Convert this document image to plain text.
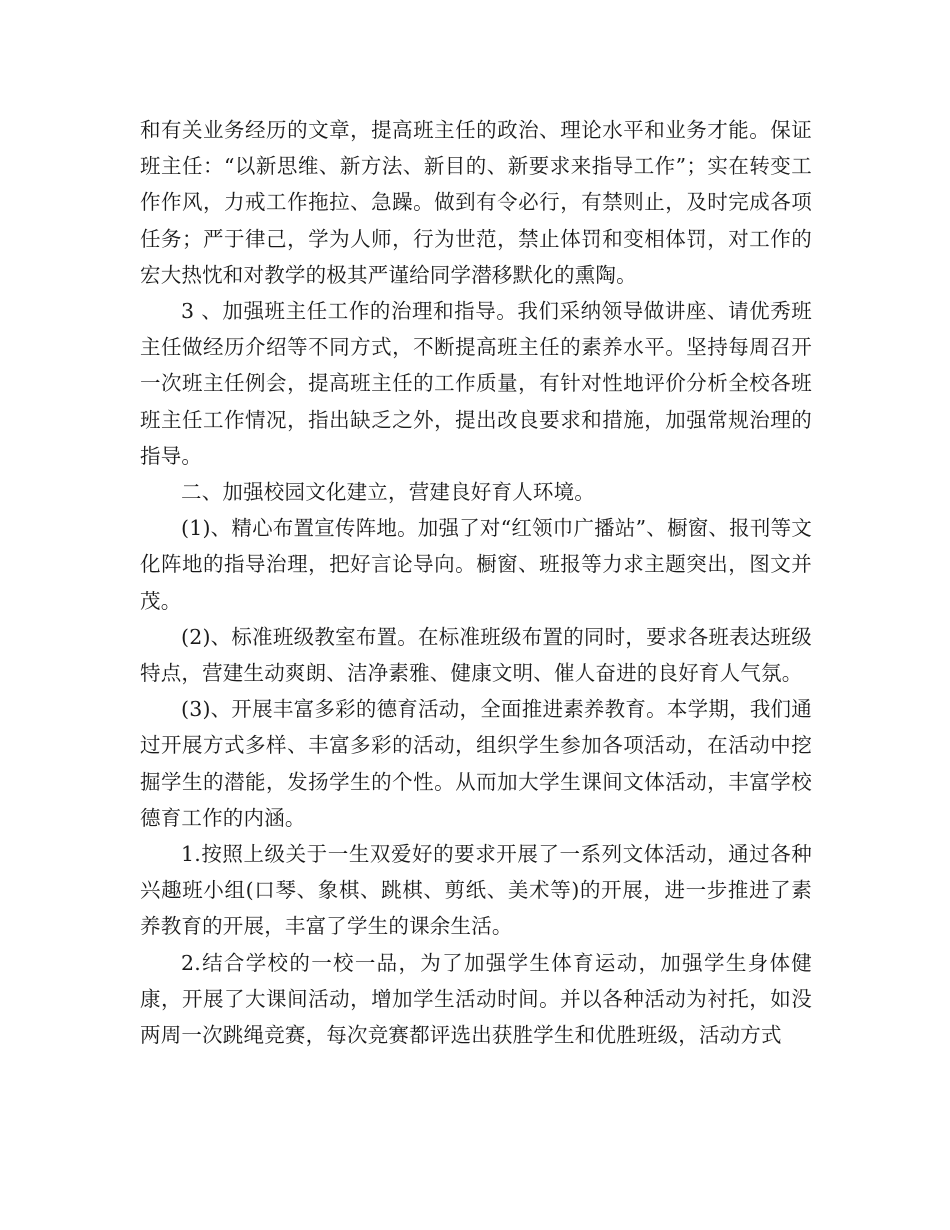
和有关业务经历的文章，提高班主任的政治、理论水平和业务才能。保证班主任：“以新思维、新方法、新目的、新要求来指导工作”；实在转变工作作风，力戒工作拖拉、急躁。做到有令必行，有禁则止，及时完成各项任务；严于律己，学为人师，行为世范，禁止体罚和变相体罚，对工作的宏大热忱和对教学的极其严谨给同学潜移默化的熏陶。

3 、加强班主任工作的治理和指导。我们采纳领导做讲座、请优秀班主任做经历介绍等不同方式，不断提高班主任的素养水平。坚持每周召开一次班主任例会，提高班主任的工作质量，有针对性地评价分析全校各班班主任工作情况，指出缺乏之外，提出改良要求和措施，加强常规治理的指导。

二、加强校园文化建立，营建良好育人环境。

(1)、精心布置宣传阵地。加强了对“红领巾广播站”、橱窗、报刊等文化阵地的指导治理，把好言论导向。橱窗、班报等力求主题突出，图文并茂。

(2)、标准班级教室布置。在标准班级布置的同时，要求各班表达班级特点，营建生动爽朗、洁净素雅、健康文明、催人奋进的良好育人气氛。

(3)、开展丰富多彩的德育活动，全面推进素养教育。本学期，我们通过开展方式多样、丰富多彩的活动，组织学生参加各项活动，在活动中挖掘学生的潜能，发扬学生的个性。从而加大学生课间文体活动，丰富学校德育工作的内涵。

1.按照上级关于一生双爱好的要求开展了一系列文体活动，通过各种兴趣班小组(口琴、象棋、跳棋、剪纸、美术等)的开展，进一步推进了素养教育的开展，丰富了学生的课余生活。

2.结合学校的一校一品，为了加强学生体育运动，加强学生身体健康，开展了大课间活动，增加学生活动时间。并以各种活动为衬托，如没两周一次跳绳竞赛，每次竞赛都评选出获胜学生和优胜班级，活动方式
